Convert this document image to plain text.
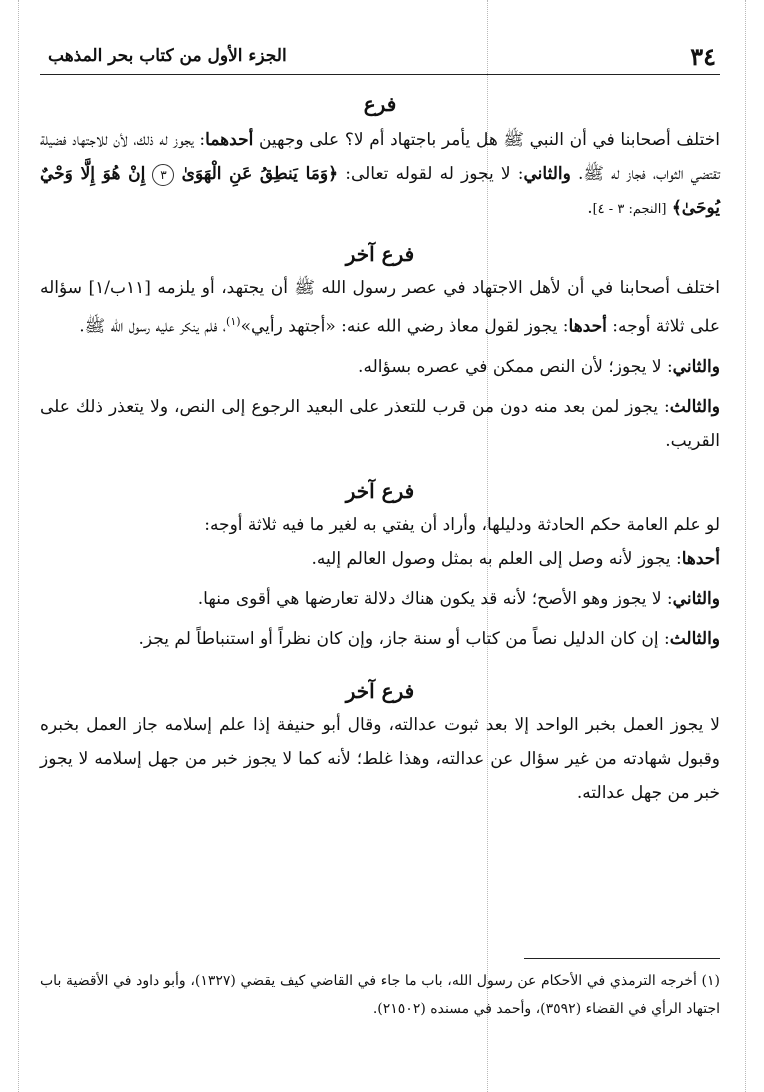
٣٤
الجزء الأول من كتاب بحر المذهب
فرع

اختلف أصحابنا في أن النبي ﷺ هل يأمر باجتهاد أم لا؟ على وجهين أحدهما: يجوز له ذلك، لأن للاجتهاد فضيلة تقتضي الثواب، فجاز له ﷺ. والثاني: لا يجوز له لقوله تعالى: ﴿وَمَا يَنطِقُ عَنِ الْهَوَىٰ ٣ إِنْ هُوَ إِلَّا وَحْيٌ يُوحَىٰ﴾ [النجم: ٣ - ٤].

فرع آخر

اختلف أصحابنا في أن لأهل الاجتهاد في عصر رسول الله ﷺ أن يجتهد، أو يلزمه [١١ب/١] سؤاله على ثلاثة أوجه: أحدها: يجوز لقول معاذ رضي الله عنه: «أجتهد رأيي»$^{(١)}$، فلم ينكر عليه رسول الله ﷺ.

والثاني: لا يجوز؛ لأن النص ممكن في عصره بسؤاله.

والثالث: يجوز لمن بعد منه دون من قرب للتعذر على البعيد الرجوع إلى النص، ولا يتعذر ذلك على القريب.

فرع آخر

لو علم العامة حكم الحادثة ودليلها، وأراد أن يفتي به لغير ما فيه ثلاثة أوجه:

أحدها: يجوز لأنه وصل إلى العلم به بمثل وصول العالم إليه.

والثاني: لا يجوز وهو الأصح؛ لأنه قد يكون هناك دلالة تعارضها هي أقوى منها.

والثالث: إن كان الدليل نصاً من كتاب أو سنة جاز، وإن كان نظراً أو استنباطاً لم يجز.

فرع آخر

لا يجوز العمل بخبر الواحد إلا بعد ثبوت عدالته، وقال أبو حنيفة إذا علم إسلامه جاز العمل بخبره وقبول شهادته من غير سؤال عن عدالته، وهذا غلط؛ لأنه كما لا يجوز خبر من جهل إسلامه لا يجوز خبر من جهل عدالته.

(١) أخرجه الترمذي في الأحكام عن رسول الله، باب ما جاء في القاضي كيف يقضي (١٣٢٧)، وأبو داود في الأقضية باب اجتهاد الرأي في القضاء (٣٥٩٢)، وأحمد في مسنده (٢١٥٠٢).
